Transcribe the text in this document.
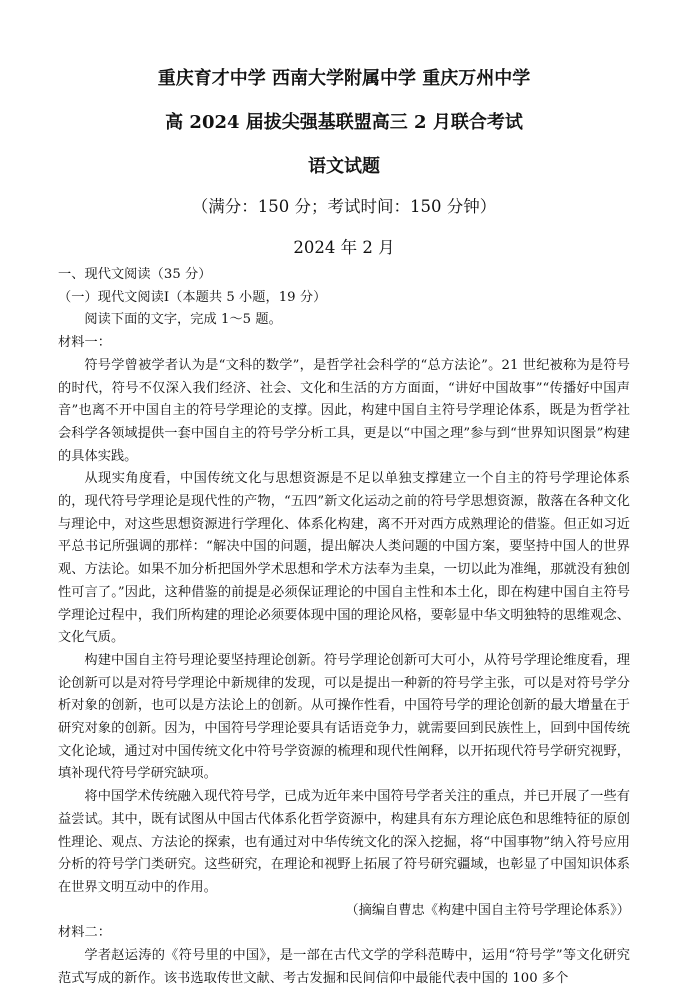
重庆育才中学 西南大学附属中学 重庆万州中学
高 2024 届拔尖强基联盟高三 2 月联合考试
语文试题
（满分：150 分；考试时间：150 分钟）
2024 年 2 月
一、现代文阅读（35 分）
（一）现代文阅读Ⅰ（本题共 5 小题，19 分）
阅读下面的文字，完成 1～5 题。
材料一：

符号学曾被学者认为是“文科的数学”，是哲学社会科学的“总方法论”。21 世纪被称为是符号的时代，符号不仅深入我们经济、社会、文化和生活的方方面面，“讲好中国故事”“传播好中国声音”也离不开中国自主的符号学理论的支撑。因此，构建中国自主符号学理论体系，既是为哲学社会科学各领域提供一套中国自主的符号学分析工具，更是以“中国之理”参与到“世界知识图景”构建的具体实践。

从现实角度看，中国传统文化与思想资源是不足以单独支撑建立一个自主的符号学理论体系的，现代符号学理论是现代性的产物，“五四”新文化运动之前的符号学思想资源，散落在各种文化与理论中，对这些思想资源进行学理化、体系化构建，离不开对西方成熟理论的借鉴。但正如习近平总书记所强调的那样：“解决中国的问题，提出解决人类问题的中国方案，要坚持中国人的世界观、方法论。如果不加分析把国外学术思想和学术方法奉为圭臬，一切以此为准绳，那就没有独创性可言了。”因此，这种借鉴的前提是必须保证理论的中国自主性和本土化，即在构建中国自主符号学理论过程中，我们所构建的理论必须要体现中国的理论风格，要彰显中华文明独特的思维观念、文化气质。

构建中国自主符号理论要坚持理论创新。符号学理论创新可大可小，从符号学理论维度看，理论创新可以是对符号学理论中新规律的发现，可以是提出一种新的符号学主张，可以是对符号学分析对象的创新，也可以是方法论上的创新。从可操作性看，中国符号学的理论创新的最大增量在于研究对象的创新。因为，中国符号学理论要具有话语竞争力，就需要回到民族性上，回到中国传统文化论域，通过对中国传统文化中符号学资源的梳理和现代性阐释，以开拓现代符号学研究视野，填补现代符号学研究缺项。

将中国学术传统融入现代符号学，已成为近年来中国符号学者关注的重点，并已开展了一些有益尝试。其中，既有试图从中国古代体系化哲学资源中，构建具有东方理论底色和思维特征的原创性理论、观点、方法论的探索，也有通过对中华传统文化的深入挖掘，将“中国事物”纳入符号应用分析的符号学门类研究。这些研究，在理论和视野上拓展了符号研究疆域，也彰显了中国知识体系在世界文明互动中的作用。

（摘编自曹忠《构建中国自主符号学理论体系》）
材料二：

学者赵运涛的《符号里的中国》，是一部在古代文学的学科范畴中，运用“符号学”等文化研究范式写成的新作。该书选取传世文献、考古发掘和民间信仰中最能代表中国的 100 多个
